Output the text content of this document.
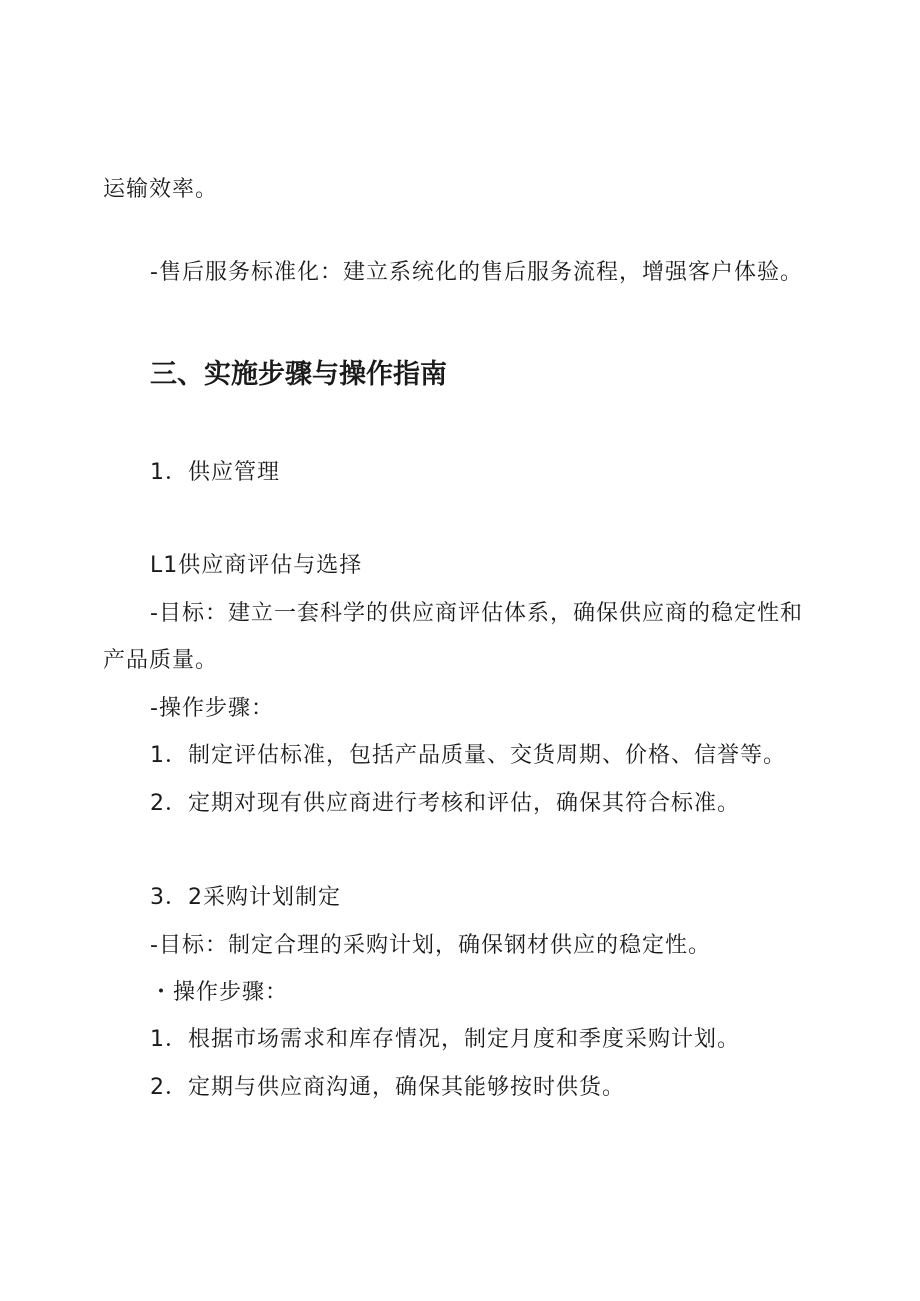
运输效率。
-售后服务标准化：建立系统化的售后服务流程，增强客户体验。
三、实施步骤与操作指南
1．供应管理
L1供应商评估与选择
-目标：建立一套科学的供应商评估体系，确保供应商的稳定性和
产品质量。
-操作步骤：
1．制定评估标准，包括产品质量、交货周期、价格、信誉等。
2．定期对现有供应商进行考核和评估，确保其符合标准。
3．2采购计划制定
-目标：制定合理的采购计划，确保钢材供应的稳定性。
・操作步骤：
1．根据市场需求和库存情况，制定月度和季度采购计划。
2．定期与供应商沟通，确保其能够按时供货。
